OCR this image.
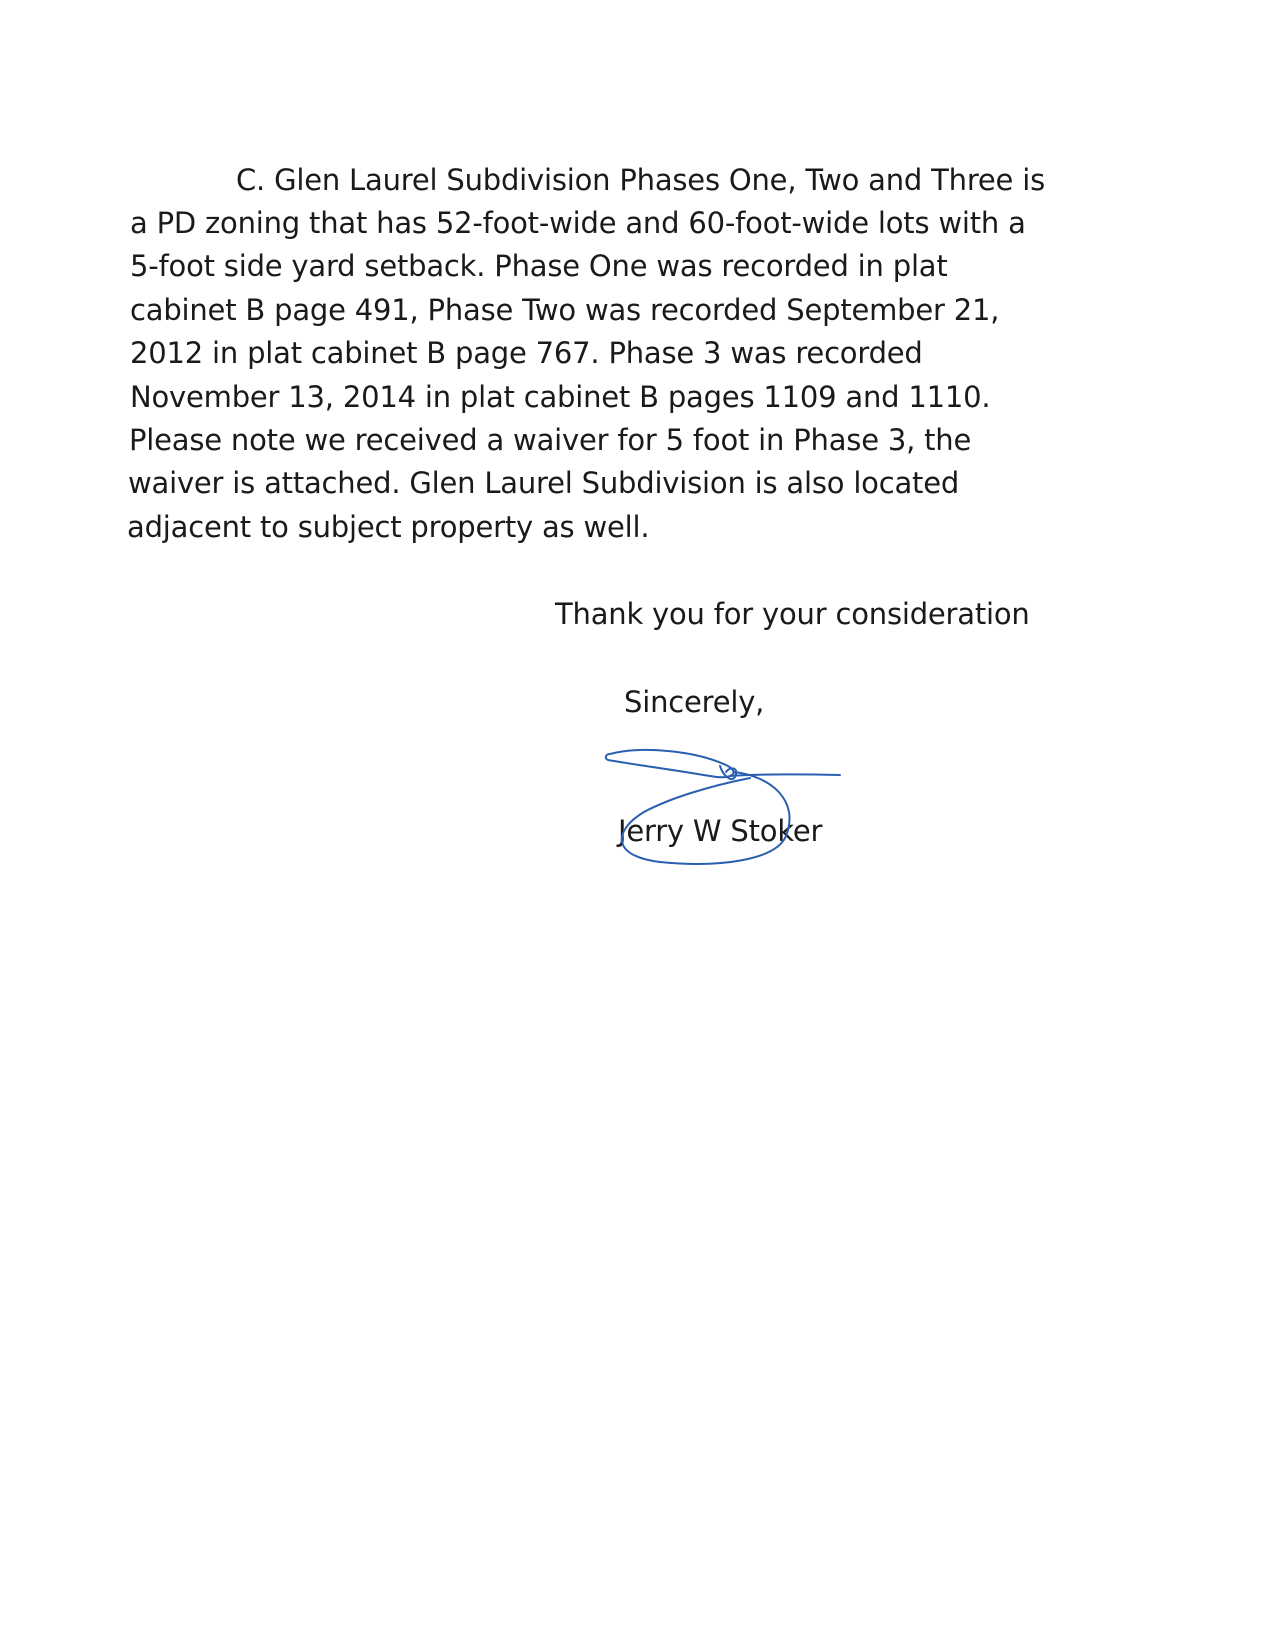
C. Glen Laurel Subdivision Phases One, Two and Three is
a PD zoning that has 52-foot-wide and 60-foot-wide lots with a
5-foot side yard setback. Phase One was recorded in plat
cabinet B page 491, Phase Two was recorded September 21,
2012 in plat cabinet B page 767. Phase 3 was recorded
November 13, 2014 in plat cabinet B pages 1109 and 1110.
Please note we received a waiver for 5 foot in Phase 3, the
waiver is attached. Glen Laurel Subdivision is also located
adjacent to subject property as well.
Thank you for your consideration
Sincerely,
Jerry W Stoker
